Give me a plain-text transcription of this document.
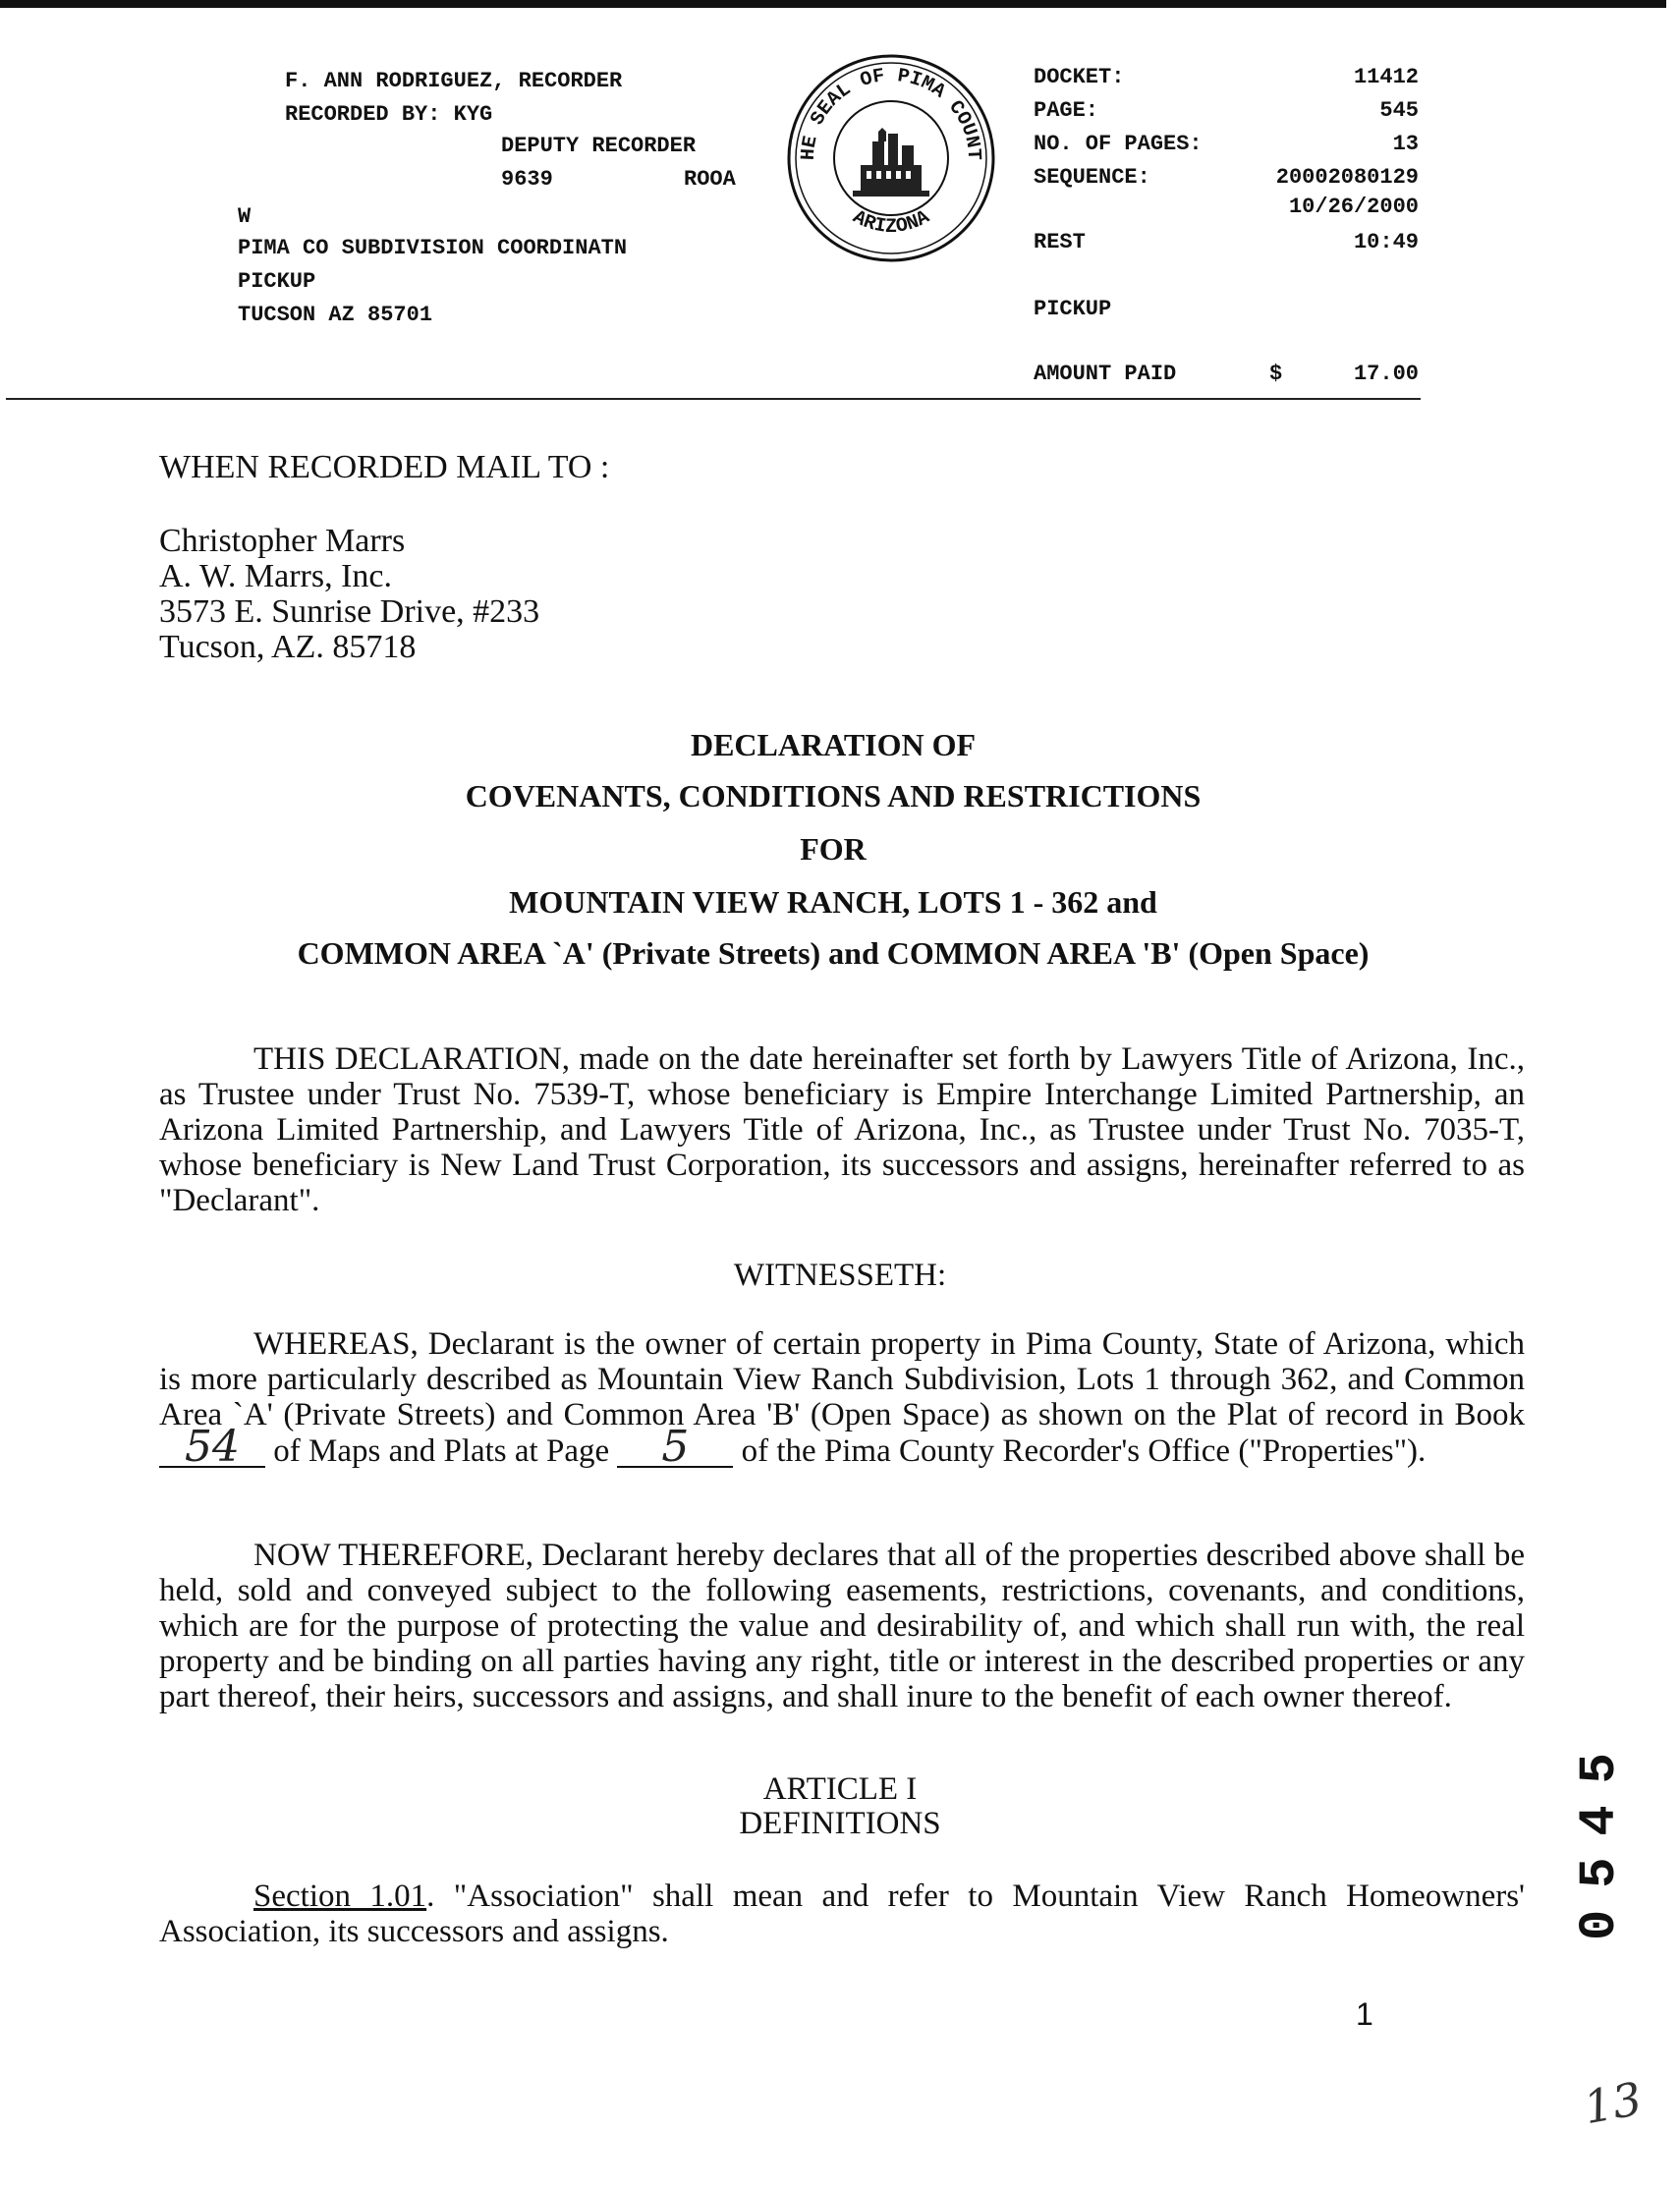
F. ANN RODRIGUEZ, RECORDER
RECORDED BY: KYG
DEPUTY RECORDER
9639	ROOA
W
PIMA CO SUBDIVISION COORDINATN
PICKUP
TUCSON AZ 85701
HE SEAL OF PIMA COUNT
ARIZONA
DOCKET:	11412
PAGE:	545
NO. OF PAGES:	13
SEQUENCE:	20002080129
10/26/2000
REST	10:49
PICKUP
AMOUNT PAID	$	17.00
WHEN RECORDED MAIL TO :
Christopher Marrs
A. W. Marrs, Inc.
3573 E. Sunrise Drive, #233
Tucson, AZ. 85718
DECLARATION OF
COVENANTS, CONDITIONS AND RESTRICTIONS
FOR
MOUNTAIN VIEW RANCH, LOTS 1 - 362 and
COMMON AREA `A' (Private Streets) and COMMON AREA 'B' (Open Space)
THIS DECLARATION, made on the date hereinafter set forth by Lawyers Title of Arizona, Inc., as Trustee under Trust No. 7539-T, whose beneficiary is Empire Interchange Limited Partnership, an Arizona Limited Partnership, and Lawyers Title of Arizona, Inc., as Trustee under Trust No. 7035-T, whose beneficiary is New Land Trust Corporation, its successors and assigns, hereinafter referred to as "Declarant".
WITNESSETH:
WHEREAS, Declarant is the owner of certain property in Pima County, State of Arizona, which is more particularly described as Mountain View Ranch Subdivision, Lots 1 through 362, and Common Area `A' (Private Streets) and Common Area 'B' (Open Space) as shown on the Plat of record in Book 54 of Maps and Plats at Page 5 of the Pima County Recorder's Office ("Properties").
NOW THEREFORE, Declarant hereby declares that all of the properties described above shall be held, sold and conveyed subject to the following easements, restrictions, covenants, and conditions, which are for the purpose of protecting the value and desirability of, and which shall run with, the real property and be binding on all parties having any right, title or interest in the described properties or any part thereof, their heirs, successors and assigns, and shall inure to the benefit of each owner thereof.
ARTICLE I
DEFINITIONS
Section 1.01. "Association" shall mean and refer to Mountain View Ranch Homeowners' Association, its successors and assigns.	0545
1
13
